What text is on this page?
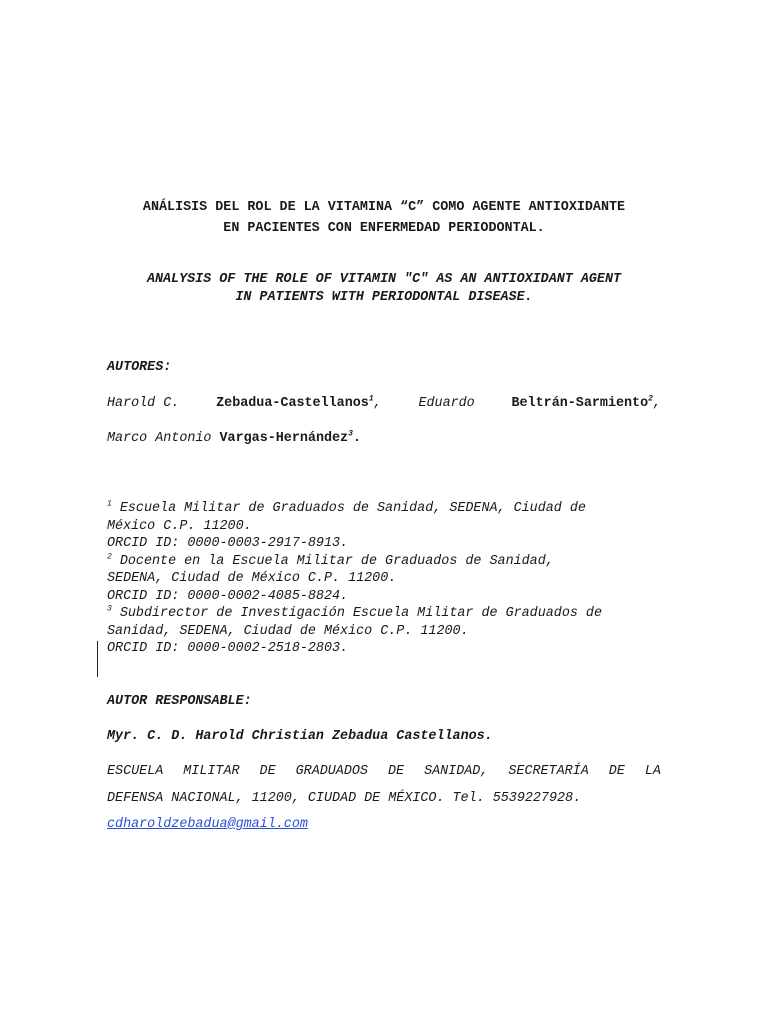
ANÁLISIS DEL ROL DE LA VITAMINA “C” COMO AGENTE ANTIOXIDANTE
EN PACIENTES CON ENFERMEDAD PERIODONTAL.
ANALYSIS OF THE ROLE OF VITAMIN "C" AS AN ANTIOXIDANT AGENT
IN PATIENTS WITH PERIODONTAL DISEASE.
AUTORES:
Harold C.	Zebadua-Castellanos$^1$,	Eduardo	Beltrán-Sarmiento$^2$,
Marco Antonio Vargas-Hernández$^3$.
$^1$ Escuela Militar de Graduados de Sanidad, SEDENA, Ciudad de
México C.P. 11200.
ORCID ID: 0000-0003-2917-8913.
$^2$ Docente en la Escuela Militar de Graduados de Sanidad,
SEDENA, Ciudad de México C.P. 11200.
ORCID ID: 0000-0002-4085-8824.
$^3$ Subdirector de Investigación Escuela Militar de Graduados de
Sanidad, SEDENA, Ciudad de México C.P. 11200.
ORCID ID: 0000-0002-2518-2803.
AUTOR RESPONSABLE:
Myr. C. D. Harold Christian Zebadua Castellanos.
ESCUELA MILITAR DE GRADUADOS DE SANIDAD, SECRETARÍA DE LA
DEFENSA NACIONAL, 11200, CIUDAD DE MÉXICO. Tel. 5539227928.
cdharoldzebadua@gmail.com
